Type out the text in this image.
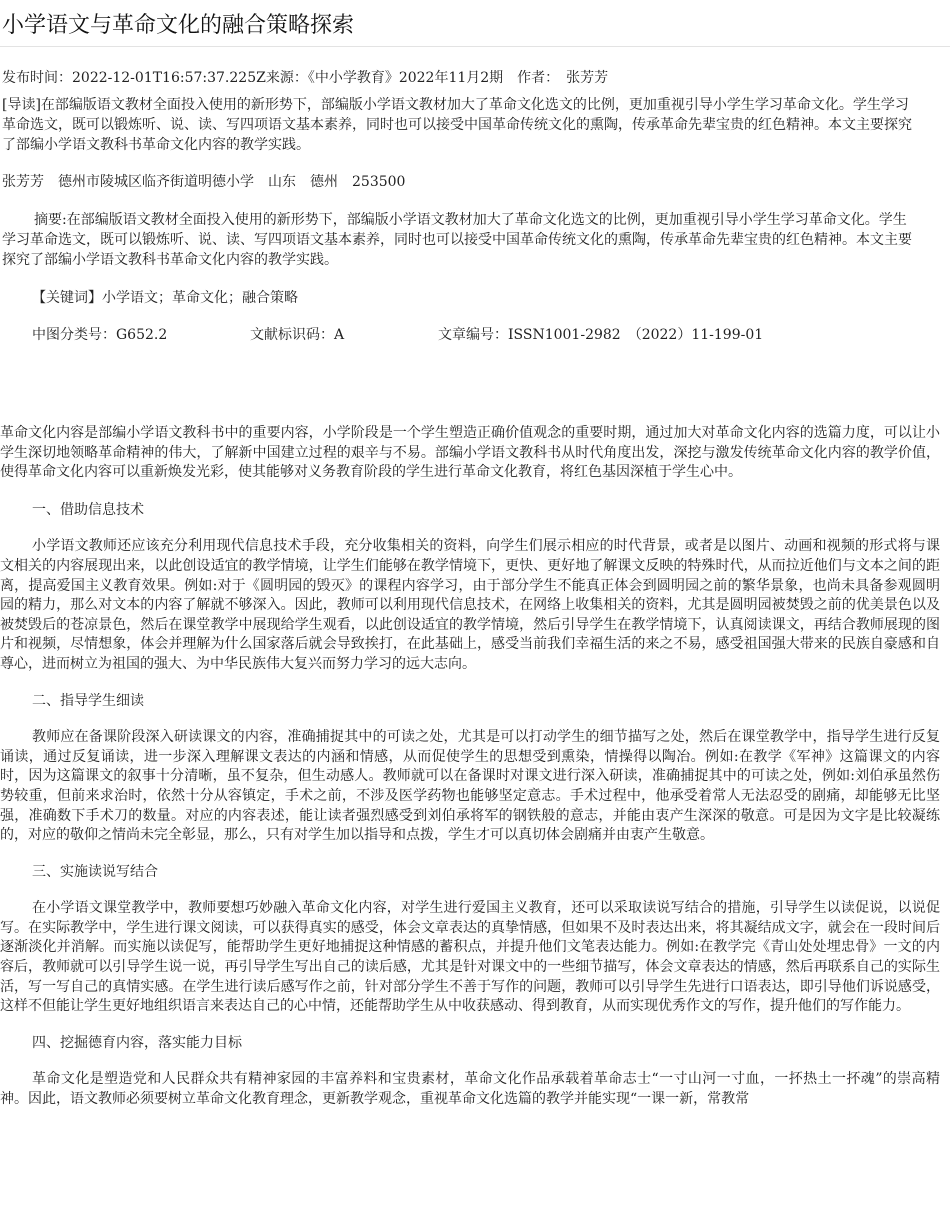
小学语文与革命文化的融合策略探索
发布时间：2022-12-01T16:57:37.225Z来源：《中小学教育》2022年11月2期　作者：　张芳芳
[导读]在部编版语文教材全面投入使用的新形势下，部编版小学语文教材加大了革命文化选文的比例，更加重视引导小学生学习革命文化。学生学习革命选文，既可以锻炼听、说、读、写四项语文基本素养，同时也可以接受中国革命传统文化的熏陶，传承革命先辈宝贵的红色精神。本文主要探究了部编小学语文教科书革命文化内容的教学实践。
张芳芳　德州市陵城区临齐街道明德小学　山东　德州　253500
摘要:在部编版语文教材全面投入使用的新形势下，部编版小学语文教材加大了革命文化选文的比例，更加重视引导小学生学习革命文化。学生学习革命选文，既可以锻炼听、说、读、写四项语文基本素养，同时也可以接受中国革命传统文化的熏陶，传承革命先辈宝贵的红色精神。本文主要探究了部编小学语文教科书革命文化内容的教学实践。
【关键词】小学语文；革命文化；融合策略
中图分类号：G652.2	文献标识码：A	文章编号：ISSN1001-2982　（2022）11-199-01

革命文化内容是部编小学语文教科书中的重要内容，小学阶段是一个学生塑造正确价值观念的重要时期，通过加大对革命文化内容的选篇力度，可以让小学生深切地领略革命精神的伟大，了解新中国建立过程的艰辛与不易。部编小学语文教科书从时代角度出发，深挖与激发传统革命文化内容的教学价值，使得革命文化内容可以重新焕发光彩，使其能够对义务教育阶段的学生进行革命文化教育，将红色基因深植于学生心中。

一、借助信息技术

小学语文教师还应该充分利用现代信息技术手段，充分收集相关的资料，向学生们展示相应的时代背景，或者是以图片、动画和视频的形式将与课文相关的内容展现出来，以此创设适宜的教学情境，让学生们能够在教学情境下，更快、更好地了解课文反映的特殊时代，从而拉近他们与文本之间的距离，提高爱国主义教育效果。例如:对于《圆明园的毁灭》的课程内容学习，由于部分学生不能真正体会到圆明园之前的繁华景象，也尚未具备参观圆明园的精力，那么对文本的内容了解就不够深入。因此，教师可以利用现代信息技术，在网络上收集相关的资料，尤其是圆明园被焚毁之前的优美景色以及被焚毁后的苍凉景色，然后在课堂教学中展现给学生观看，以此创设适宜的教学情境，然后引导学生在教学情境下，认真阅读课文，再结合教师展现的图片和视频，尽情想象，体会并理解为什么国家落后就会导致挨打，在此基础上，感受当前我们幸福生活的来之不易，感受祖国强大带来的民族自豪感和自尊心，进而树立为祖国的强大、为中华民族伟大复兴而努力学习的远大志向。

二、指导学生细读

教师应在备课阶段深入研读课文的内容，准确捕捉其中的可读之处，尤其是可以打动学生的细节描写之处，然后在课堂教学中，指导学生进行反复诵读，通过反复诵读，进一步深入理解课文表达的内涵和情感，从而促使学生的思想受到熏染，情操得以陶冶。例如:在教学《军神》这篇课文的内容时，因为这篇课文的叙事十分清晰，虽不复杂，但生动感人。教师就可以在备课时对课文进行深入研读，准确捕捉其中的可读之处，例如:刘伯承虽然伤势较重，但前来求治时，依然十分从容镇定，手术之前，不涉及医学药物也能够坚定意志。手术过程中，他承受着常人无法忍受的剧痛，却能够无比坚强，准确数下手术刀的数量。对应的内容表述，能让读者强烈感受到刘伯承将军的钢铁般的意志，并能由衷产生深深的敬意。可是因为文字是比较凝练的，对应的敬仰之情尚未完全彰显，那么，只有对学生加以指导和点拨，学生才可以真切体会剧痛并由衷产生敬意。

三、实施读说写结合

在小学语文课堂教学中，教师要想巧妙融入革命文化内容，对学生进行爱国主义教育，还可以采取读说写结合的措施，引导学生以读促说，以说促写。在实际教学中，学生进行课文阅读，可以获得真实的感受，体会文章表达的真挚情感，但如果不及时表达出来，将其凝结成文字，就会在一段时间后逐渐淡化并消解。而实施以读促写，能帮助学生更好地捕捉这种情感的蓄积点，并提升他们文笔表达能力。例如:在教学完《青山处处埋忠骨》一文的内容后，教师就可以引导学生说一说，再引导学生写出自己的读后感，尤其是针对课文中的一些细节描写，体会文章表达的情感，然后再联系自己的实际生活，写一写自己的真情实感。在学生进行读后感写作之前，针对部分学生不善于写作的问题，教师可以引导学生先进行口语表达，即引导他们诉说感受，这样不但能让学生更好地组织语言来表达自己的心中情，还能帮助学生从中收获感动、得到教育，从而实现优秀作文的写作，提升他们的写作能力。

四、挖掘德育内容，落实能力目标

革命文化是塑造党和人民群众共有精神家园的丰富养料和宝贵素材，革命文化作品承载着革命志士“一寸山河一寸血，一抔热土一抔魂”的崇高精神。因此，语文教师必须要树立革命文化教育理念，更新教学观念，重视革命文化选篇的教学并能实现“一课一新，常教常
